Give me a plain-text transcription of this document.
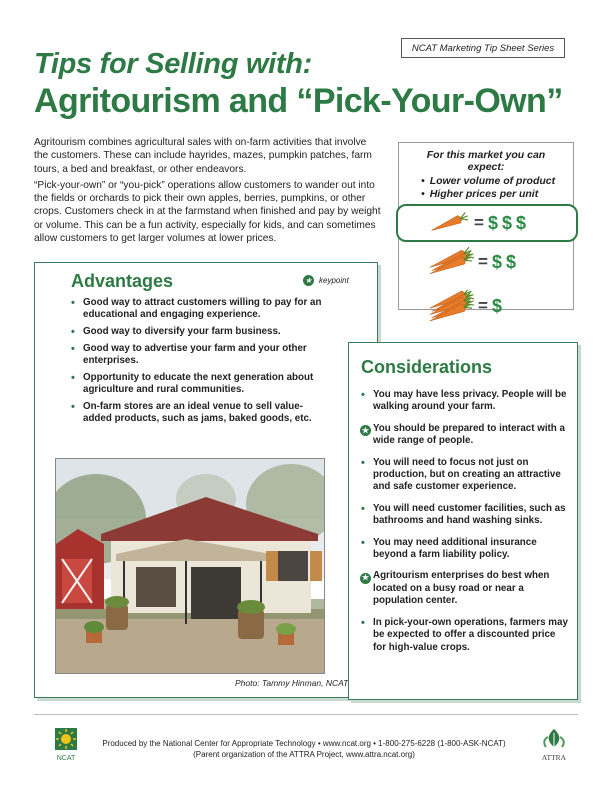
NCAT Marketing Tip Sheet Series
Tips for Selling with:
Agritourism and “Pick-Your-Own”

Agritourism combines agricultural sales with on-farm activities that involve the customers. These can include hayrides, mazes, pumpkin patches, farm tours, a bed and breakfast, or other endeavors.

“Pick-your-own” or “you-pick” operations allow customers to wander out into the fields or orchards to pick their own apples, berries, pumpkins, or other crops. Customers check in at the farmstand when finished and pay by weight or volume. This can be a fun activity, especially for kids, and can sometimes allow customers to get larger volumes at lower prices.

For this market you can expect:
• Lower volume of product
• Higher prices per unit
= $ $ $
= $ $
= $
Advantages	★ keypoint
• Good way to attract customers willing to pay for an educational and engaging experience.
• Good way to diversify your farm business.
• Good way to advertise your farm and your other enterprises.
• Opportunity to educate the next generation about agriculture and rural communities.
• On-farm stores are an ideal venue to sell value-added products, such as jams, baked goods, etc.
Photo: Tammy Hinman, NCAT
Considerations
• You may have less privacy. People will be walking around your farm.
★ You should be prepared to interact with a wide range of people.
• You will need to focus not just on production, but on creating an attractive and safe customer experience.
• You will need customer facilities, such as bathrooms and hand washing sinks.
• You may need additional insurance beyond a farm liability policy.
★ Agritourism enterprises do best when located on a busy road or near a population center.
• In pick-your-own operations, farmers may be expected to offer a discounted price for high-value crops.
NCAT
Produced by the National Center for Appropriate Technology • www.ncat.org • 1-800-275-6228 (1-800-ASK-NCAT)
(Parent organization of the ATTRA Project, www.attra.ncat.org)	ATTRA
